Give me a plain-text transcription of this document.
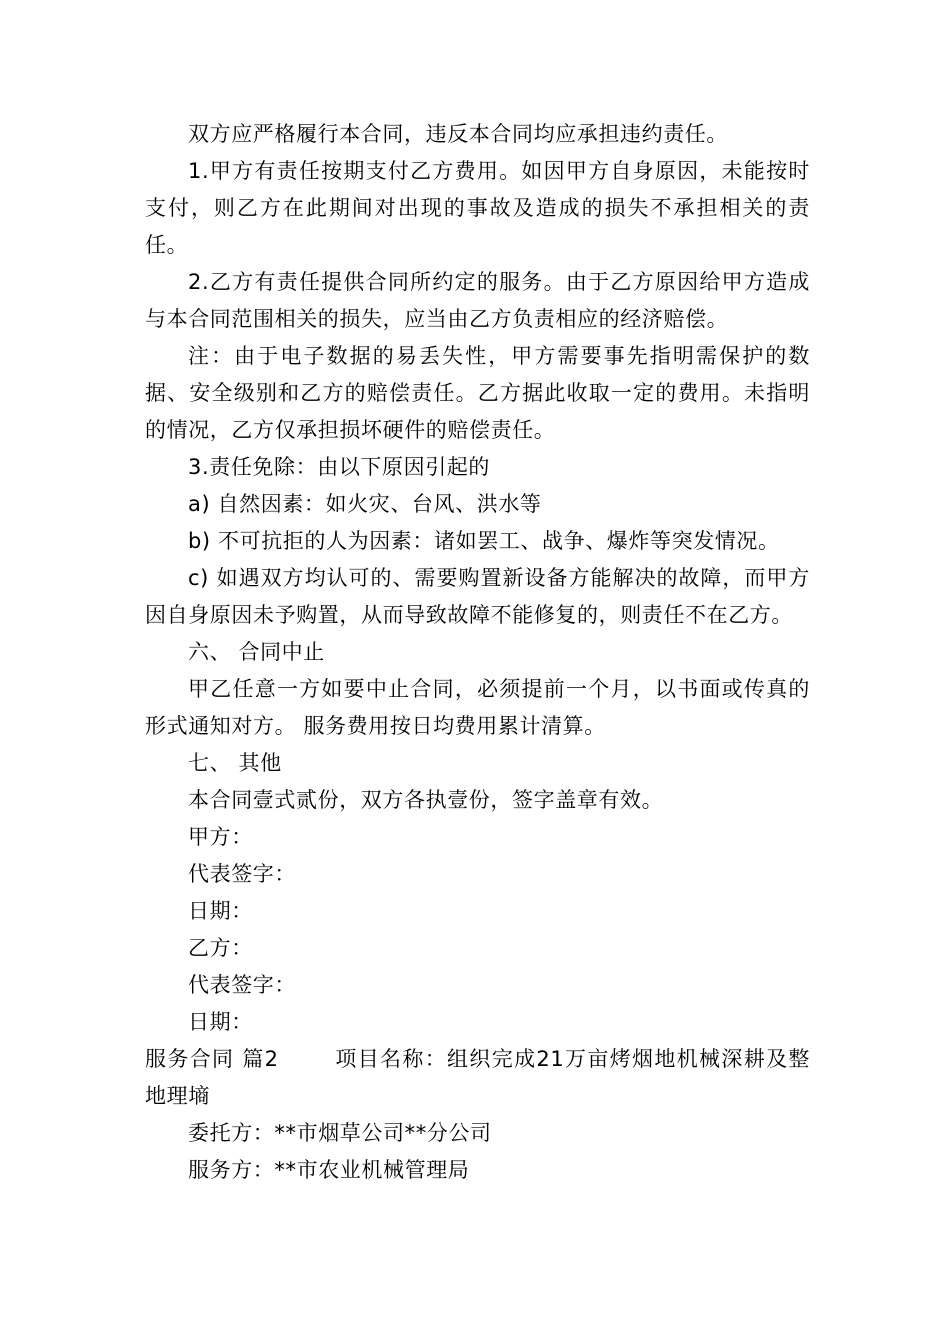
双方应严格履行本合同，违反本合同均应承担违约责任。

1.甲方有责任按期支付乙方费用。如因甲方自身原因，未能按时支付，则乙方在此期间对出现的事故及造成的损失不承担相关的责任。

2.乙方有责任提供合同所约定的服务。由于乙方原因给甲方造成与本合同范围相关的损失，应当由乙方负责相应的经济赔偿。

注：由于电子数据的易丢失性，甲方需要事先指明需保护的数据、安全级别和乙方的赔偿责任。乙方据此收取一定的费用。未指明的情况，乙方仅承担损坏硬件的赔偿责任。

3.责任免除：由以下原因引起的

a) 自然因素：如火灾、台风、洪水等

b) 不可抗拒的人为因素：诸如罢工、战争、爆炸等突发情况。

c) 如遇双方均认可的、需要购置新设备方能解决的故障，而甲方因自身原因未予购置，从而导致故障不能修复的，则责任不在乙方。

六、 合同中止

甲乙任意一方如要中止合同，必须提前一个月，以书面或传真的形式通知对方。 服务费用按日均费用累计清算。

七、 其他

本合同壹式贰份，双方各执壹份，签字盖章有效。

甲方：

代表签字：

日期：

乙方：

代表签字：

日期：

服务合同 篇2	项目名称：组织完成21万亩烤烟地机械深耕及整地理墒

委托方：**市烟草公司**分公司

服务方：**市农业机械管理局
